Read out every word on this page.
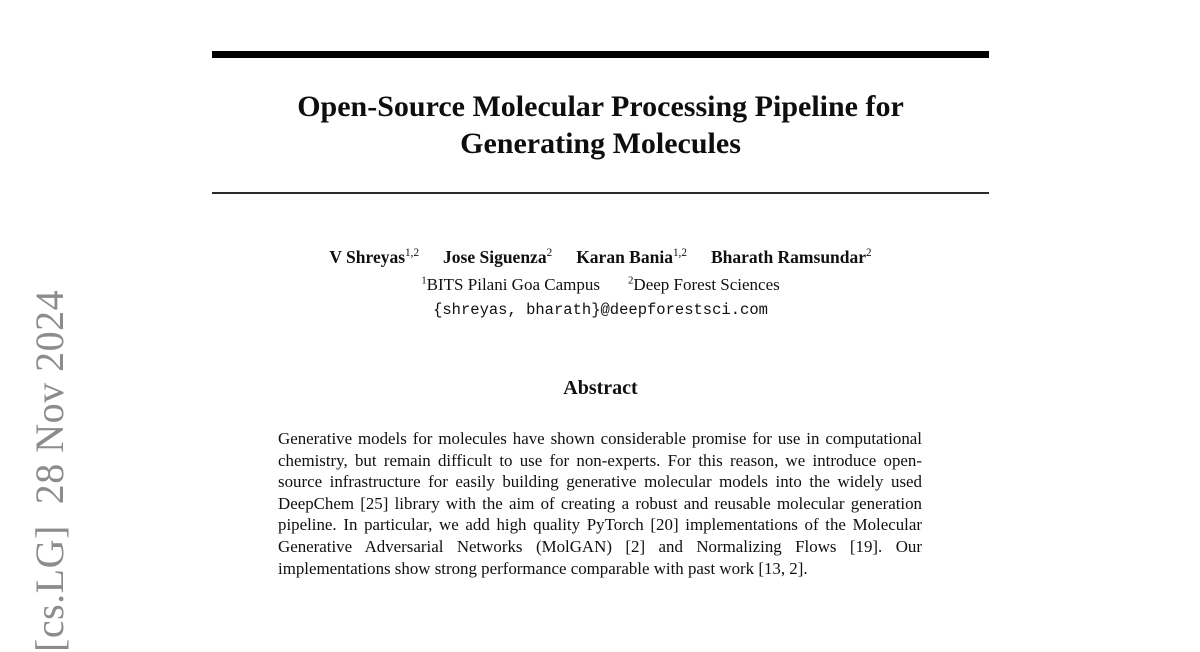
[cs.LG]  28 Nov 2024
Open-Source Molecular Processing Pipeline for
Generating Molecules
V Shreyas$^{1,2}$ Jose Siguenza$^2$ Karan Bania$^{1,2}$ Bharath Ramsundar$^2$
$^1$BITS Pilani Goa Campus	$^2$Deep Forest Sciences
{shreyas, bharath}@deepforestsci.com
Abstract

Generative models for molecules have shown considerable promise for use in computational chemistry, but remain difficult to use for non-experts. For this reason, we introduce open-source infrastructure for easily building generative molecular models into the widely used DeepChem [25] library with the aim of creating a robust and reusable molecular generation pipeline. In particular, we add high quality PyTorch [20] implementations of the Molecular Generative Adversarial Networks (MolGAN) [2] and Normalizing Flows [19]. Our implementations show strong performance comparable with past work [13, 2].
